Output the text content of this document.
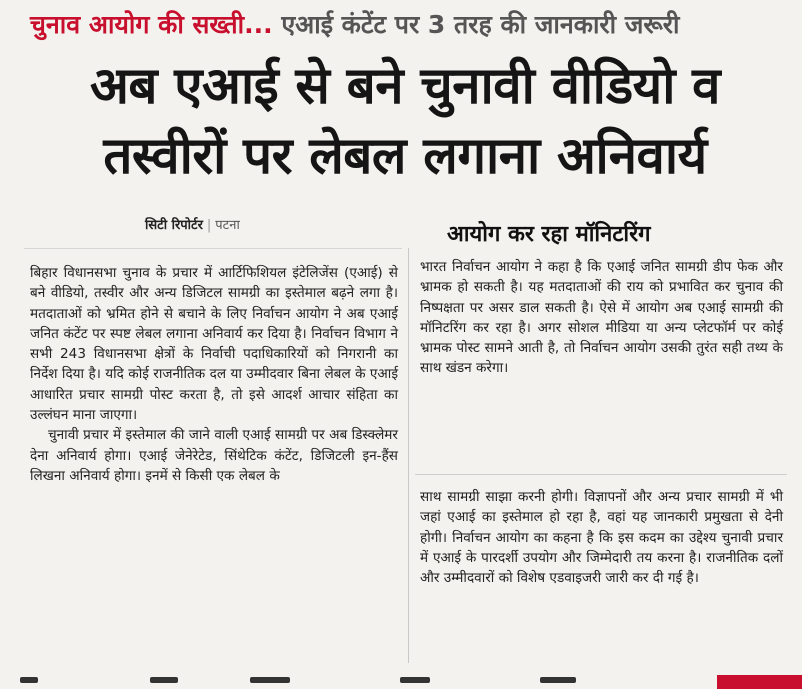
चुनाव आयोग की सख्ती... एआई कंटेंट पर 3 तरह की जानकारी जरूरी
अब एआई से बने चुनावी वीडियो व
तस्वीरों पर लेबल लगाना अनिवार्य
सिटी रिपोर्टर | पटना	आयोग कर रहा मॉनिटरिंग

बिहार विधानसभा चुनाव के प्रचार में आर्टिफिशियल इंटेलिजेंस (एआई) से बने वीडियो, तस्वीर और अन्य डिजिटल सामग्री का इस्तेमाल बढ़ने लगा है। मतदाताओं को भ्रमित होने से बचाने के लिए निर्वाचन आयोग ने अब एआई जनित कंटेंट पर स्पष्ट लेबल लगाना अनिवार्य कर दिया है। निर्वाचन विभाग ने सभी 243 विधानसभा क्षेत्रों के निर्वाची पदाधिकारियों को निगरानी का निर्देश दिया है। यदि कोई राजनीतिक दल या उम्मीदवार बिना लेबल के एआई आधारित प्रचार सामग्री पोस्ट करता है, तो इसे आदर्श आचार संहिता का उल्लंघन माना जाएगा।

चुनावी प्रचार में इस्तेमाल की जाने वाली एआई सामग्री पर अब डिस्क्लेमर देना अनिवार्य होगा। एआई जेनेरेटेड, सिंथेटिक कंटेंट, डिजिटली इन-हैंस लिखना अनिवार्य होगा। इनमें से किसी एक लेबल के

भारत निर्वाचन आयोग ने कहा है कि एआई जनित सामग्री डीप फेक और भ्रामक हो सकती है। यह मतदाताओं की राय को प्रभावित कर चुनाव की निष्पक्षता पर असर डाल सकती है। ऐसे में आयोग अब एआई सामग्री की मॉनिटरिंग कर रहा है। अगर सोशल मीडिया या अन्य प्लेटफॉर्म पर कोई भ्रामक पोस्ट सामने आती है, तो निर्वाचन आयोग उसकी तुरंत सही तथ्य के साथ खंडन करेगा।

साथ सामग्री साझा करनी होगी। विज्ञापनों और अन्य प्रचार सामग्री में भी जहां एआई का इस्तेमाल हो रहा है, वहां यह जानकारी प्रमुखता से देनी होगी। निर्वाचन आयोग का कहना है कि इस कदम का उद्देश्य चुनावी प्रचार में एआई के पारदर्शी उपयोग और जिम्मेदारी तय करना है। राजनीतिक दलों और उम्मीदवारों को विशेष एडवाइजरी जारी कर दी गई है।
